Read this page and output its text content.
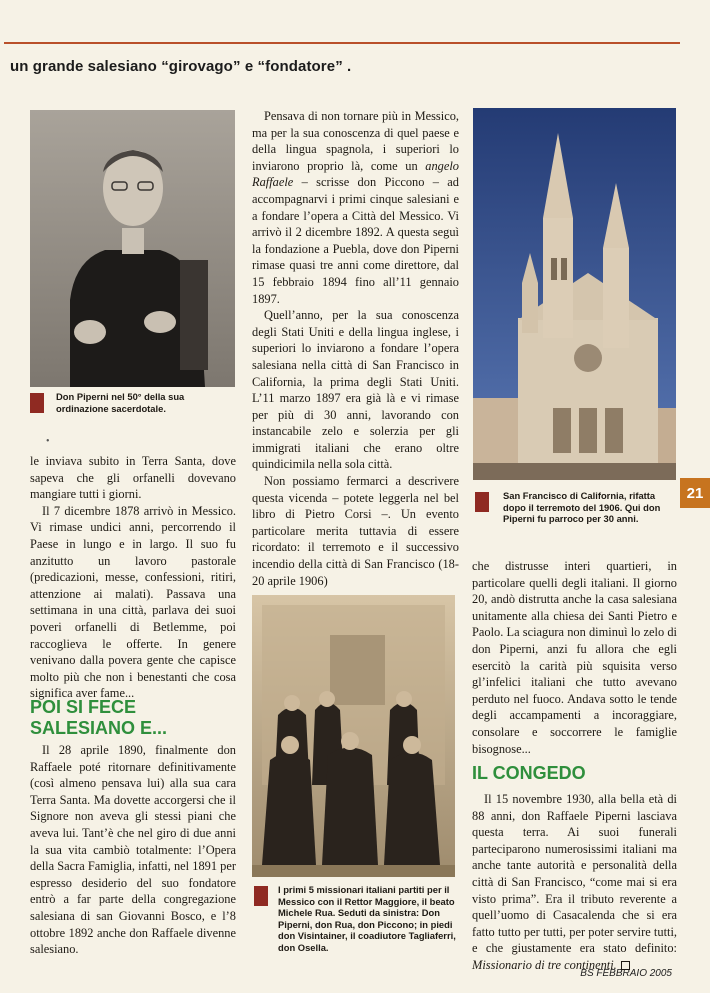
un grande salesiano “girovago” e “fondatore” .
Don Piperni nel 50° della sua ordinazione sacerdotale.
•

le inviava subito in Terra Santa, dove sapeva che gli orfanelli dovevano mangiare tutti i giorni.

Il 7 dicembre 1878 arrivò in Messico. Vi rimase undici anni, percorrendo il Paese in lungo e in largo. Il suo fu anzitutto un lavoro pastorale (predicazioni, messe, confessioni, ritiri, attenzione ai malati). Passava una settimana in una città, parlava dei suoi poveri orfanelli di Betlemme, poi raccoglieva le offerte. In genere venivano dalla povera gente che capisce molto più che non i benestanti che cosa significa aver fame...

POI SI FECE SALESIANO E...

Il 28 aprile 1890, finalmente don Raffaele poté ritornare definitivamente (così almeno pensava lui) alla sua cara Terra Santa. Ma dovette accorgersi che il Signore non aveva gli stessi piani che aveva lui. Tant’è che nel giro di due anni la sua vita cambiò totalmente: l’Opera della Sacra Famiglia, infatti, nel 1891 per espresso desiderio del suo fondatore entrò a far parte della congregazione salesiana di san Giovanni Bosco, e l’8 ottobre 1892 anche don Raffaele divenne salesiano.

Pensava di non tornare più in Messico, ma per la sua conoscenza di quel paese e della lingua spagnola, i superiori lo inviarono proprio là, come un angelo Raffaele – scrisse don Piccono – ad accompagnarvi i primi cinque salesiani e a fondare l’opera a Città del Messico. Vi arrivò il 2 dicembre 1892. A questa seguì la fondazione a Puebla, dove don Piperni rimase quasi tre anni come direttore, dal 15 febbraio 1894 fino all’11 gennaio 1897.

Quell’anno, per la sua conoscenza degli Stati Uniti e della lingua inglese, i superiori lo inviarono a fondare l’opera salesiana nella città di San Francisco in California, la prima degli Stati Uniti. L’11 marzo 1897 era già là e vi rimase per più di 30 anni, lavorando con instancabile zelo e solerzia per gli immigrati italiani che erano oltre quindicimila nella sola città.

Non possiamo fermarci a descrivere questa vicenda – potete leggerla nel bel libro di Pietro Corsi –. Un evento particolare merita tuttavia di essere ricordato: il terremoto e il successivo incendio della città di San Francisco (18-20 aprile 1906)

San Francisco di California, rifatta dopo il terremoto del 1906. Qui don Piperni fu parroco per 30 anni.
21
I primi 5 missionari italiani partiti per il Messico con il Rettor Maggiore, il beato Michele Rua. Seduti da sinistra: Don Piperni, don Rua, don Piccono; in piedi don Visintainer, il coadiutore Tagliaferri, don Osella.

che distrusse interi quartieri, in particolare quelli degli italiani. Il giorno 20, andò distrutta anche la casa salesiana unitamente alla chiesa dei Santi Pietro e Paolo. La sciagura non diminuì lo zelo di don Piperni, anzi fu allora che egli esercitò la carità più squisita verso gl’infelici italiani che tutto avevano perduto nel fuoco. Andava sotto le tende degli accampamenti a incoraggiare, consolare e soccorrere le famiglie bisognose...

IL CONGEDO

Il 15 novembre 1930, alla bella età di 88 anni, don Raffaele Piperni lasciava questa terra. Ai suoi funerali parteciparono numerosissimi italiani ma anche tante autorità e personalità della città di San Francisco, “come mai si era visto prima”. Era il tributo reverente a quell’uomo di Casacalenda che si era fatto tutto per tutti, per poter servire tutti, e che giustamente era stato definito: Missionario di tre continenti.

BS FEBBRAIO 2005
